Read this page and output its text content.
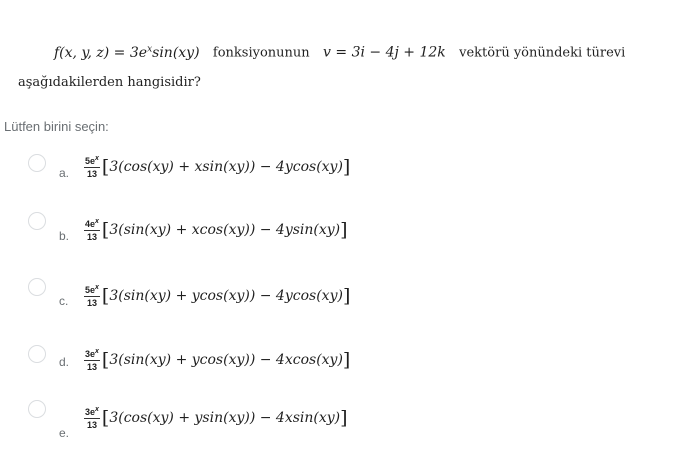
f(x, y, $z) = 3e^x\sin(xy)$ fonksiyonunun v = 3i − 4j + 12k vektörü yönündeki türevi
aşağıdakilerden hangisidir?
Lütfen birini seçin:
a. $\frac{5e^x}{13} [3(\cos(xy) + xsin(xy)) - 4ycos(xy)]$
b. $\frac{4e^x}{13} [3(\sin(xy) + xcos(xy)) - 4ysin(xy)]$
c. $\frac{5e^x}{13} [3(\sin(xy) + ycos(xy)) - 4ycos(xy)]$
d. $\frac{3e^x}{13} [3(\sin(xy) + ycos(xy)) - 4xcos(xy)]$
e.
$\frac{3e^x}{13} [3(\cos(xy) + ysin(xy)) - 4xsin(xy)]$
